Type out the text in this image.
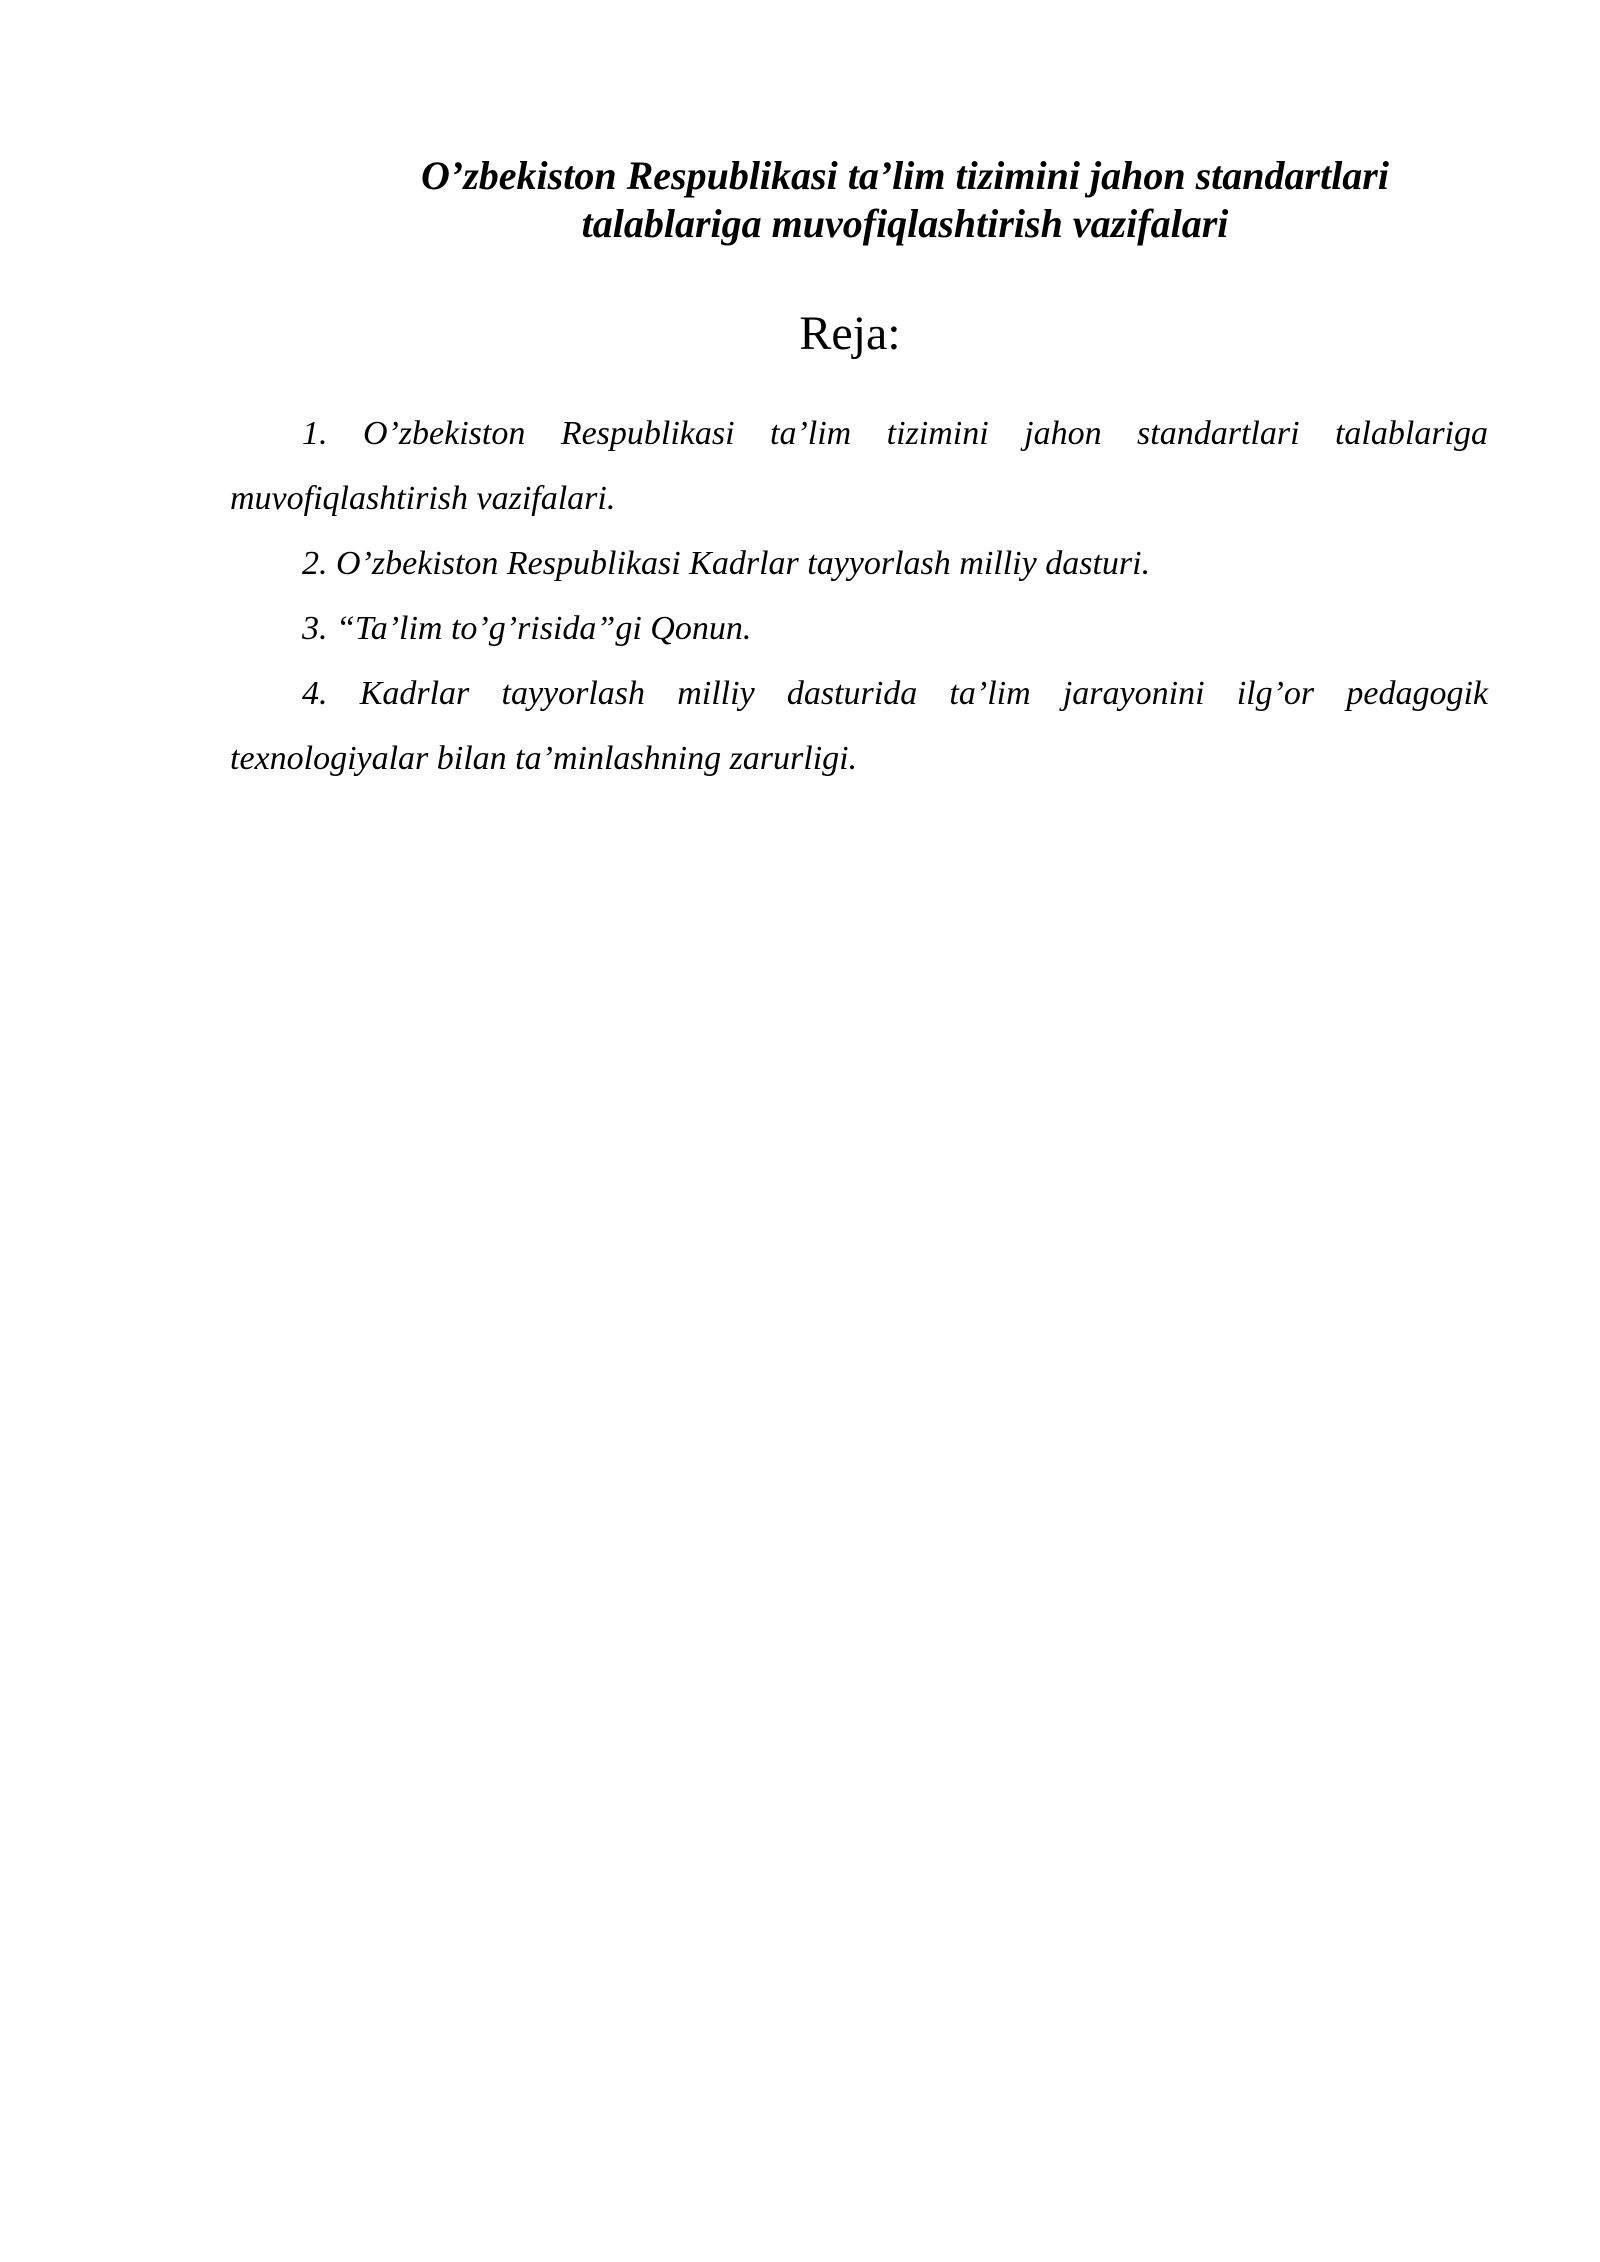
O’zbekiston Respublikasi ta’lim tizimini jahon standartlari
talablariga muvofiqlashtirish vazifalari
Reja:
1. O’zbekiston Respublikasi ta’lim tizimini jahon standartlari talablariga muvofiqlashtirish vazifalari.
2. O’zbekiston Respublikasi Kadrlar tayyorlash milliy dasturi.
3. “Ta’lim to’g’risida”gi Qonun.
4. Kadrlar tayyorlash milliy dasturida ta’lim jarayonini ilg’or pedagogik texnologiyalar bilan ta’minlashning zarurligi.
